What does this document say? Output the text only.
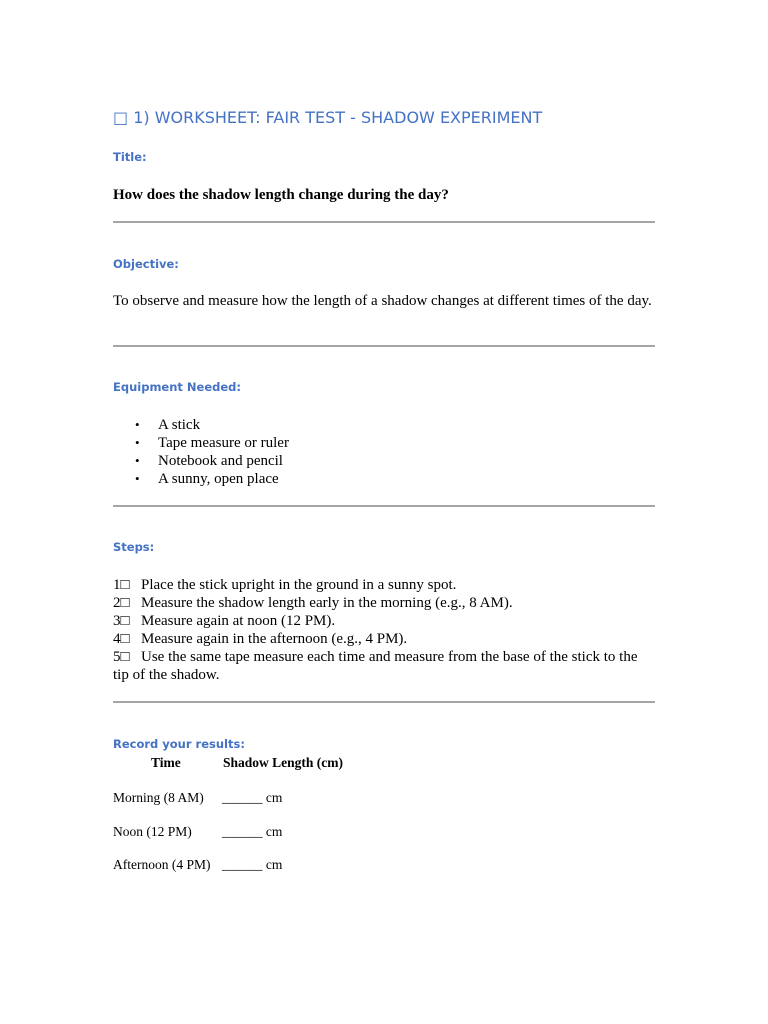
□ 1) WORKSHEET: FAIR TEST - SHADOW EXPERIMENT
Title:
How does the shadow length change during the day?
Objective:
To observe and measure how the length of a shadow changes at different times of the day.
Equipment Needed:
• A stick
• Tape measure or ruler
• Notebook and pencil
• A sunny, open place
Steps:
1□ Place the stick upright in the ground in a sunny spot.
2□ Measure the shadow length early in the morning (e.g., 8 AM).
3□ Measure again at noon (12 PM).
4□ Measure again in the afternoon (e.g., 4 PM).
5□ Use the same tape measure each time and measure from the base of the stick to the tip of the shadow.
Record your results:
Time	Shadow Length (cm)
Morning (8 AM) ______ cm
Noon (12 PM) ______ cm
Afternoon (4 PM) ______ cm
